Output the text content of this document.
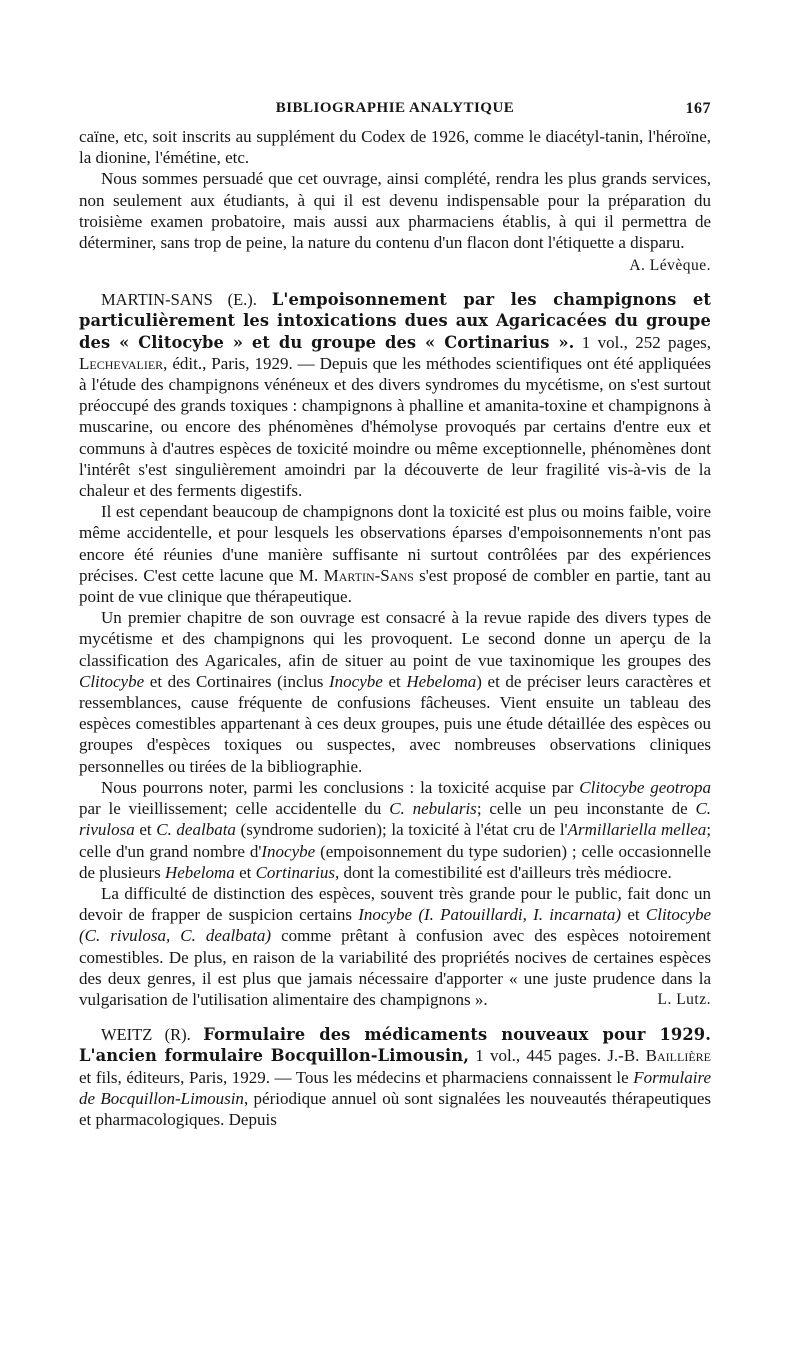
BIBLIOGRAPHIE ANALYTIQUE	167

caïne, etc, soit inscrits au supplément du Codex de 1926, comme le diacétyl-tanin, l'héroïne, la dionine, l'émétine, etc.

Nous sommes persuadé que cet ouvrage, ainsi complété, rendra les plus grands services, non seulement aux étudiants, à qui il est devenu indispensable pour la préparation du troisième examen probatoire, mais aussi aux pharmaciens établis, à qui il permettra de déterminer, sans trop de peine, la nature du contenu d'un flacon dont l'étiquette a disparu.

A. Lévèque.

MARTIN-SANS (E.). L'empoisonnement par les champignons et particulièrement les intoxications dues aux Agaricacées du groupe des « Clitocybe » et du groupe des « Cortinarius ». 1 vol., 252 pages, Lechevalier, édit., Paris, 1929. — Depuis que les méthodes scientifiques ont été appliquées à l'étude des champignons vénéneux et des divers syndromes du mycétisme, on s'est surtout préoccupé des grands toxiques : champignons à phalline et amanita-toxine et champignons à muscarine, ou encore des phénomènes d'hémolyse provoqués par certains d'entre eux et communs à d'autres espèces de toxicité moindre ou même exceptionnelle, phénomènes dont l'intérêt s'est singulièrement amoindri par la découverte de leur fragilité vis-à-vis de la chaleur et des ferments digestifs.

Il est cependant beaucoup de champignons dont la toxicité est plus ou moins faible, voire même accidentelle, et pour lesquels les observations éparses d'empoisonnements n'ont pas encore été réunies d'une manière suffisante ni surtout contrôlées par des expériences précises. C'est cette lacune que M. Martin-Sans s'est proposé de combler en partie, tant au point de vue clinique que thérapeutique.

Un premier chapitre de son ouvrage est consacré à la revue rapide des divers types de mycétisme et des champignons qui les provoquent. Le second donne un aperçu de la classification des Agaricales, afin de situer au point de vue taxinomique les groupes des Clitocybe et des Cortinaires (inclus Inocybe et Hebeloma) et de préciser leurs caractères et ressemblances, cause fréquente de confusions fâcheuses. Vient ensuite un tableau des espèces comestibles appartenant à ces deux groupes, puis une étude détaillée des espèces ou groupes d'espèces toxiques ou suspectes, avec nombreuses observations cliniques personnelles ou tirées de la bibliographie.

Nous pourrons noter, parmi les conclusions : la toxicité acquise par Clitocybe geotropa par le vieillissement; celle accidentelle du C. nebularis; celle un peu inconstante de C. rivulosa et C. dealbata (syndrome sudorien); la toxicité à l'état cru de l'Armillariella mellea; celle d'un grand nombre d'Inocybe (empoisonnement du type sudorien) ; celle occasionnelle de plusieurs Hebeloma et Cortinarius, dont la comestibilité est d'ailleurs très médiocre.

La difficulté de distinction des espèces, souvent très grande pour le public, fait donc un devoir de frapper de suspicion certains Inocybe (I. Patouillardi, I. incarnata) et Clitocybe (C. rivulosa, C. dealbata) comme prêtant à confusion avec des espèces notoirement comestibles. De plus, en raison de la variabilité des propriétés nocives de certaines espèces des deux genres, il est plus que jamais nécessaire d'apporter « une juste prudence dans la vulgarisation de l'utilisation alimentaire des champignons ».	L. Lutz.

WEITZ (R). Formulaire des médicaments nouveaux pour 1929. L'ancien formulaire Bocquillon-Limousin, 1 vol., 445 pages. J.-B. Baillière et fils, éditeurs, Paris, 1929. — Tous les médecins et pharmaciens connaissent le Formulaire de Bocquillon-Limousin, périodique annuel où sont signalées les nouveautés thérapeutiques et pharmacologiques. Depuis
